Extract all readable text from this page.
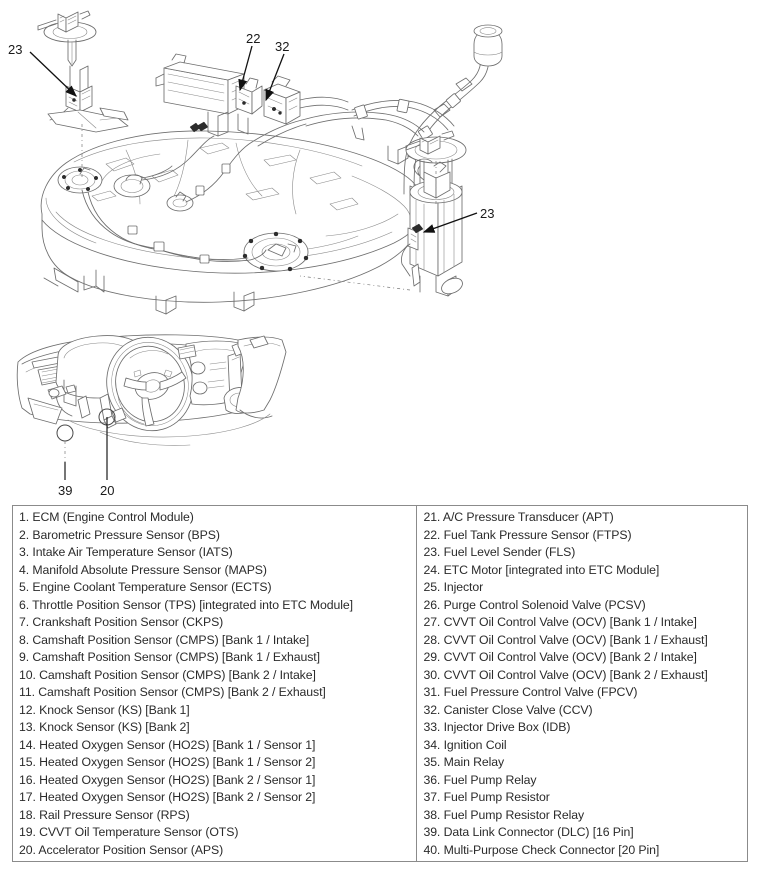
23
22
32
23
39 20
1. ECM (Engine Control Module)
2. Barometric Pressure Sensor (BPS)
3. Intake Air Temperature Sensor (IATS)
4. Manifold Absolute Pressure Sensor (MAPS)
5. Engine Coolant Temperature Sensor (ECTS)
6. Throttle Position Sensor (TPS) [integrated into ETC Module]
7. Crankshaft Position Sensor (CKPS)
8. Camshaft Position Sensor (CMPS) [Bank 1 / Intake]
9. Camshaft Position Sensor (CMPS) [Bank 1 / Exhaust]
10. Camshaft Position Sensor (CMPS) [Bank 2 / Intake]
11. Camshaft Position Sensor (CMPS) [Bank 2 / Exhaust]
12. Knock Sensor (KS) [Bank 1]
13. Knock Sensor (KS) [Bank 2]
14. Heated Oxygen Sensor (HO2S) [Bank 1 / Sensor 1]
15. Heated Oxygen Sensor (HO2S) [Bank 1 / Sensor 2]
16. Heated Oxygen Sensor (HO2S) [Bank 2 / Sensor 1]
17. Heated Oxygen Sensor (HO2S) [Bank 2 / Sensor 2]
18. Rail Pressure Sensor (RPS)
19. CVVT Oil Temperature Sensor (OTS)
20. Accelerator Position Sensor (APS)
21. A/C Pressure Transducer (APT)
22. Fuel Tank Pressure Sensor (FTPS)
23. Fuel Level Sender (FLS)
24. ETC Motor [integrated into ETC Module]
25. Injector
26. Purge Control Solenoid Valve (PCSV)
27. CVVT Oil Control Valve (OCV) [Bank 1 / Intake]
28. CVVT Oil Control Valve (OCV) [Bank 1 / Exhaust]
29. CVVT Oil Control Valve (OCV) [Bank 2 / Intake]
30. CVVT Oil Control Valve (OCV) [Bank 2 / Exhaust]
31. Fuel Pressure Control Valve (FPCV)
32. Canister Close Valve (CCV)
33. Injector Drive Box (IDB)
34. Ignition Coil
35. Main Relay
36. Fuel Pump Relay
37. Fuel Pump Resistor
38. Fuel Pump Resistor Relay
39. Data Link Connector (DLC) [16 Pin]
40. Multi-Purpose Check Connector [20 Pin]
